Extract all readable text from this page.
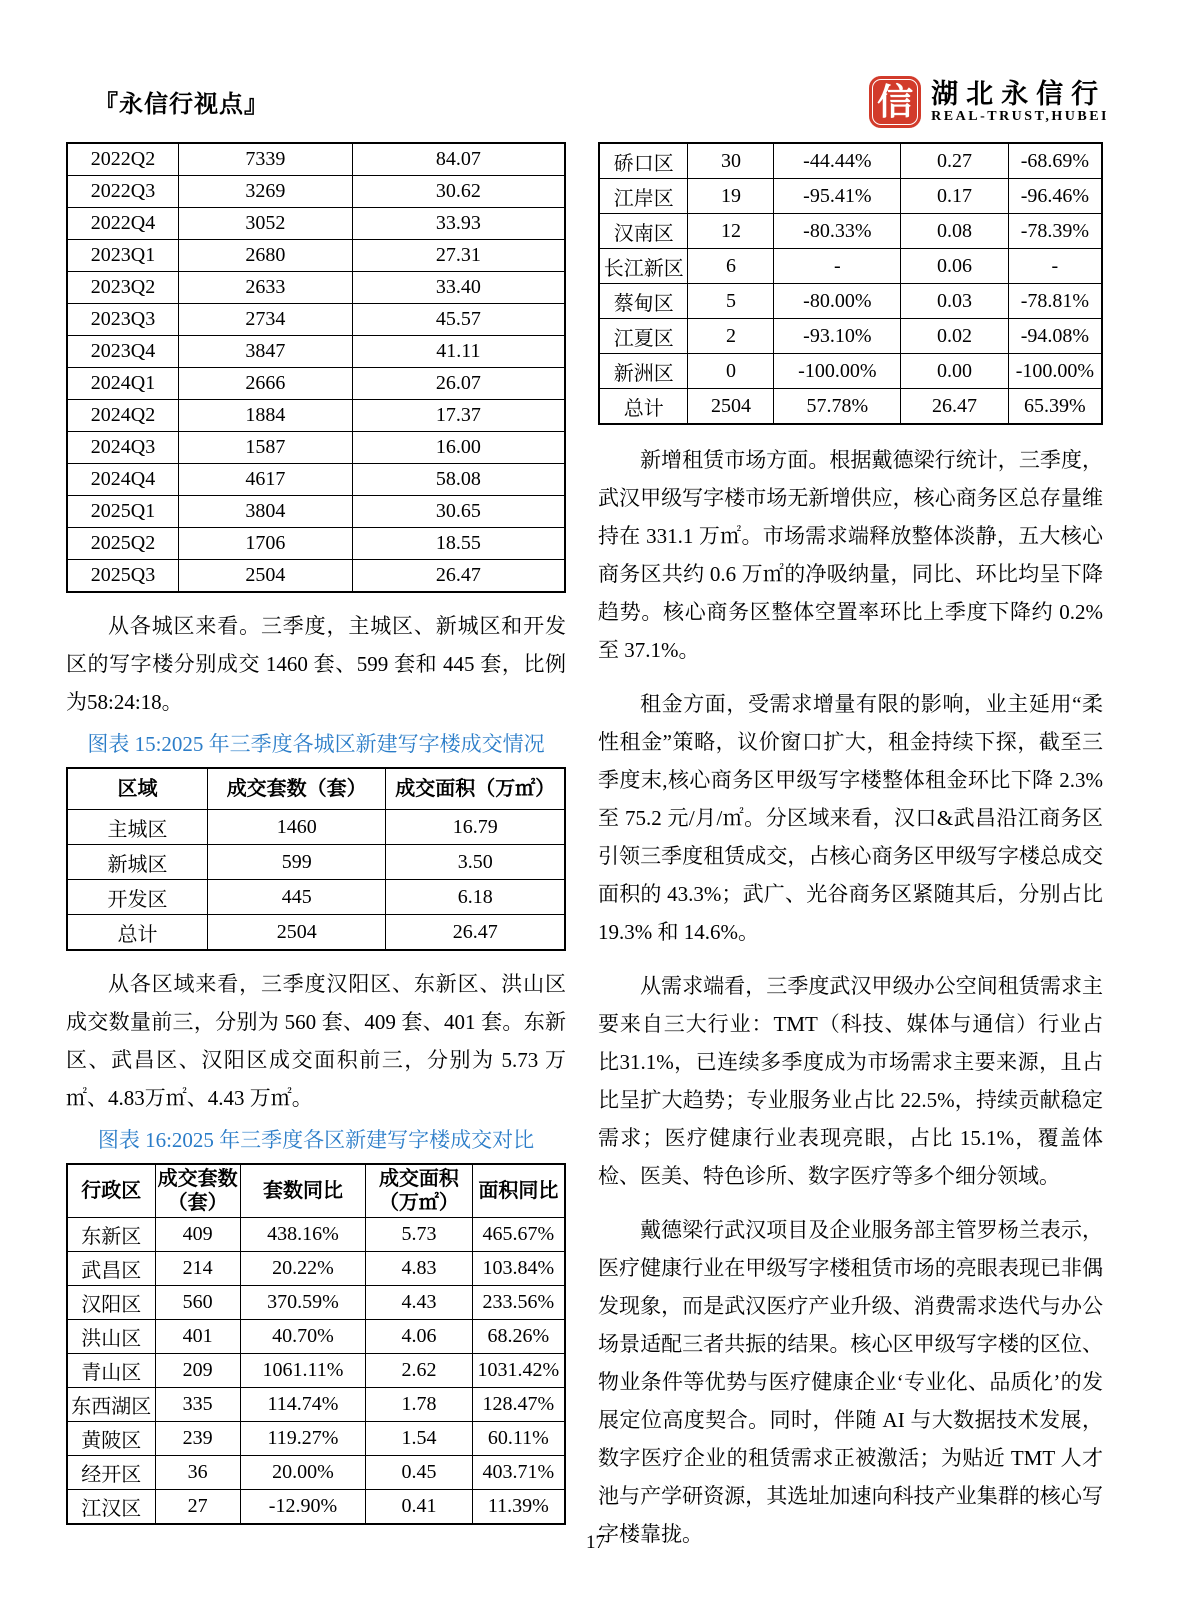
『永信行视点』	信 湖北永信行
REAL-TRUST,HUBEI
2022Q2	7339	84.07
2022Q3	3269	30.62
2022Q4	3052	33.93
2023Q1	2680	27.31
2023Q2	2633	33.40
2023Q3	2734	45.57
2023Q4	3847	41.11
2024Q1	2666	26.07
2024Q2	1884	17.37
2024Q3	1587	16.00
2024Q4	4617	58.08
2025Q1	3804	30.65
2025Q2	1706	18.55
2025Q3	2504	26.47

从各城区来看。三季度，主城区、新城区和开发区的写字楼分别成交 1460 套、599 套和 445 套，比例为58:24:18。

图表 15:2025 年三季度各城区新建写字楼成交情况
区域	成交套数（套）	成交面积（万㎡）
主城区	1460	16.79
新城区	599	3.50
开发区	445	6.18
总计	2504	26.47

从各区域来看，三季度汉阳区、东新区、洪山区成交数量前三，分别为 560 套、409 套、401 套。东新区、武昌区、汉阳区成交面积前三，分别为 5.73 万㎡、4.83万㎡、4.43 万㎡。

图表 16:2025 年三季度各区新建写字楼成交对比
行政区	成交套数（套）	套数同比	成交面积（万㎡）	面积同比
东新区	409	438.16%	5.73	465.67%
武昌区	214	20.22%	4.83	103.84%
汉阳区	560	370.59%	4.43	233.56%
洪山区	401	40.70%	4.06	68.26%
青山区	209	1061.11%	2.62	1031.42%
东西湖区	335	114.74%	1.78	128.47%
黄陂区	239	119.27%	1.54	60.11%
经开区	36	20.00%	0.45	403.71%
江汉区	27	-12.90%	0.41	11.39%
硚口区	30	-44.44%	0.27	-68.69%
江岸区	19	-95.41%	0.17	-96.46%
汉南区	12	-80.33%	0.08	-78.39%
长江新区	6	-	0.06	-
蔡甸区	5	-80.00%	0.03	-78.81%
江夏区	2	-93.10%	0.02	-94.08%
新洲区	0	-100.00%	0.00	-100.00%
总计	2504	57.78%	26.47	65.39%

新增租赁市场方面。根据戴德梁行统计，三季度，武汉甲级写字楼市场无新增供应，核心商务区总存量维持在 331.1 万㎡。市场需求端释放整体淡静，五大核心商务区共约 0.6 万㎡的净吸纳量，同比、环比均呈下降趋势。核心商务区整体空置率环比上季度下降约 0.2%至 37.1%。

租金方面，受需求增量有限的影响，业主延用“柔性租金”策略，议价窗口扩大，租金持续下探，截至三季度末,核心商务区甲级写字楼整体租金环比下降 2.3%至 75.2 元/月/㎡。分区域来看，汉口&武昌沿江商务区引领三季度租赁成交，占核心商务区甲级写字楼总成交面积的 43.3%；武广、光谷商务区紧随其后，分别占比19.3% 和 14.6%。

从需求端看，三季度武汉甲级办公空间租赁需求主要来自三大行业：TMT（科技、媒体与通信）行业占比31.1%，已连续多季度成为市场需求主要来源，且占比呈扩大趋势；专业服务业占比 22.5%，持续贡献稳定需求；医疗健康行业表现亮眼，占比 15.1%，覆盖体检、医美、特色诊所、数字医疗等多个细分领域。

戴德梁行武汉项目及企业服务部主管罗杨兰表示，医疗健康行业在甲级写字楼租赁市场的亮眼表现已非偶发现象，而是武汉医疗产业升级、消费需求迭代与办公场景适配三者共振的结果。核心区甲级写字楼的区位、物业条件等优势与医疗健康企业‘专业化、品质化’的发展定位高度契合。同时，伴随 AI 与大数据技术发展，数字医疗企业的租赁需求正被激活；为贴近 TMT 人才池与产学研资源，其选址加速向科技产业集群的核心写字楼靠拢。

17
